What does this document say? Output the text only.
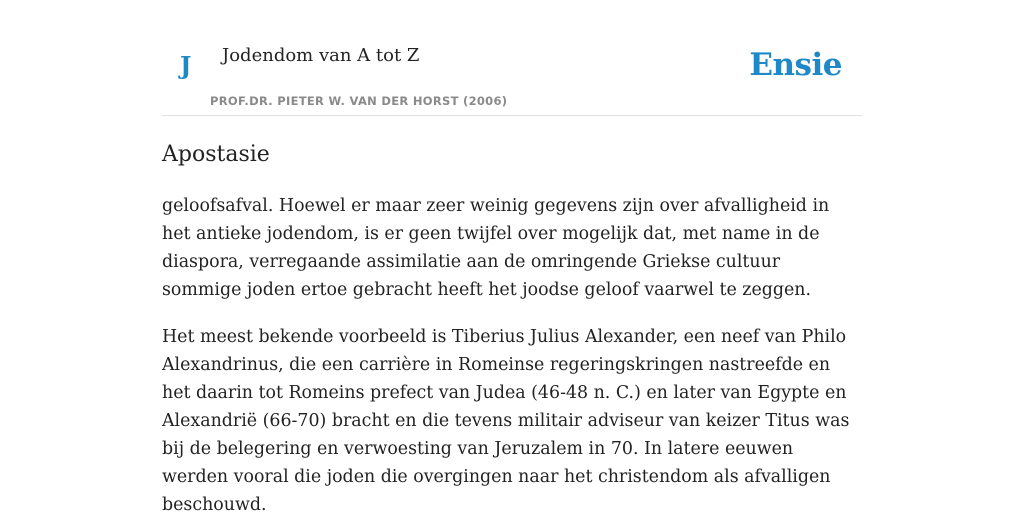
J Jodendom van A tot Z
PROF.DR. PIETER W. VAN DER HORST (2006)
Ensie
Apostasie

geloofsafval. Hoewel er maar zeer weinig gegevens zijn over afvalligheid in het antieke jodendom, is er geen twijfel over mogelijk dat, met name in de diaspora, verregaande assimilatie aan de omringende Griekse cultuur sommige joden ertoe gebracht heeft het joodse geloof vaarwel te zeggen.

Het meest bekende voorbeeld is Tiberius Julius Alexander, een neef van Philo Alexandrinus, die een carrière in Romeinse regeringskringen nastreefde en het daarin tot Romeins prefect van Judea (46-48 n. C.) en later van Egypte en Alexandrië (66-70) bracht en die tevens militair adviseur van keizer Titus was bij de belegering en verwoesting van Jeruzalem in 70. In latere eeuwen werden vooral die joden die overgingen naar het christendom als afvalligen beschouwd.
